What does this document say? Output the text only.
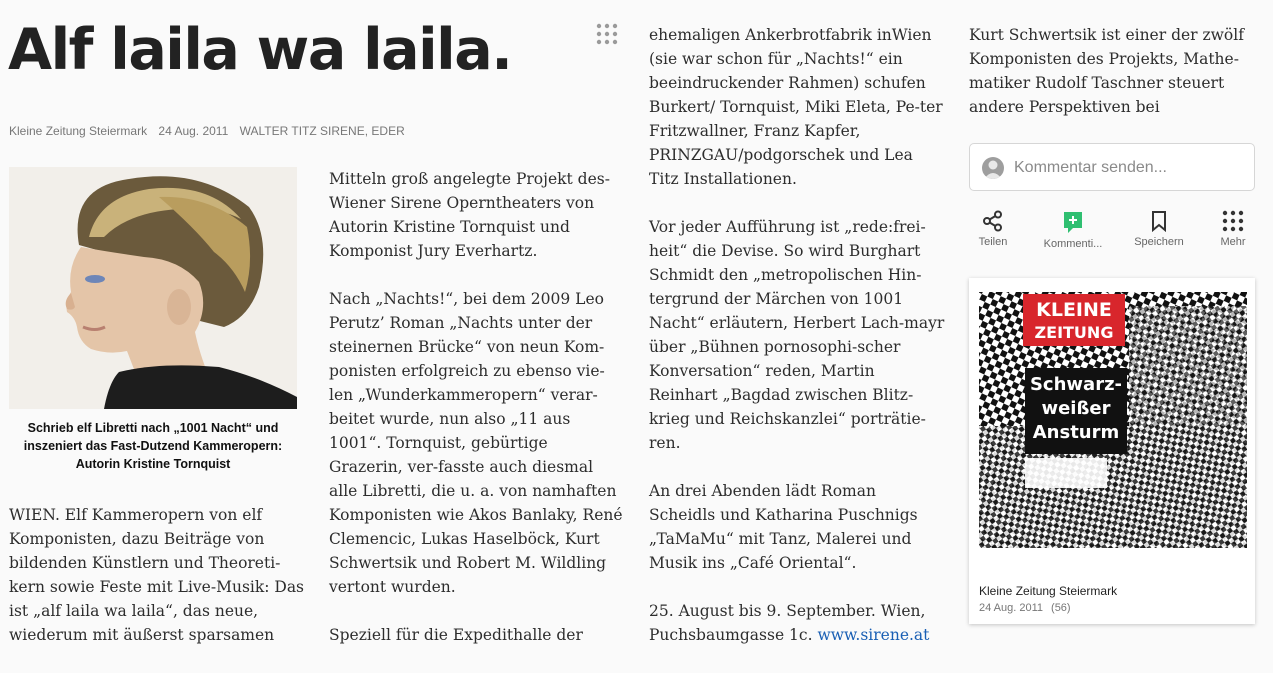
Alf laila wa laila.
Kleine Zeitung Steiermark 24 Aug. 2011 WALTER TITZ SIRENE, EDER
Schrieb elf Libretti nach „1001 Nacht“ und inszeniert das Fast-Dutzend Kammeropern: Autorin Kristine Tornquist

WIEN. Elf Kammeropern von elf Komponisten, dazu Beiträge von bildenden Künstlern und Theoreti-kern sowie Feste mit Live-Musik: Das ist „alf laila wa laila“, das neue, wiederum mit äußerst sparsamen

Mitteln groß angelegte Projekt des-Wiener Sirene Operntheaters von Autorin Kristine Tornquist und Komponist Jury Everhartz.

Nach „Nachts!“, bei dem 2009 Leo Perutz’ Roman „Nachts unter der steinernen Brücke“ von neun Kom-ponisten erfolgreich zu ebenso vie-len „Wunderkammeropern“ verar-beitet wurde, nun also „11 aus 1001“. Tornquist, gebürtige Grazerin, ver-fasste auch diesmal alle Libretti, die u. a. von namhaften Komponisten wie Akos Banlaky, René Clemencic, Lukas Haselböck, Kurt Schwertsik und Robert M. Wildling vertont wurden.

Speziell für die Expedithalle der

ehemaligen Ankerbrotfabrik inWien (sie war schon für „Nachts!“ ein beeindruckender Rahmen) schufen Burkert/ Tornquist, Miki Eleta, Pe-ter Fritzwallner, Franz Kapfer, PRINZGAU/podgorschek und Lea Titz Installationen.

Vor jeder Aufführung ist „rede:frei-heit“ die Devise. So wird Burghart Schmidt den „metropolischen Hin-tergrund der Märchen von 1001 Nacht“ erläutern, Herbert Lach-mayr über „Bühnen pornosophi-scher Konversation“ reden, Martin Reinhart „Bagdad zwischen Blitz-krieg und Reichskanzlei“ porträtie-ren.

An drei Abenden lädt Roman Scheidls und Katharina Puschnigs „TaMaMu“ mit Tanz, Malerei und Musik ins „Café Oriental“.

25. August bis 9. September. Wien, Puchsbaumgasse 1c. www.sirene.at

Kurt Schwertsik ist einer der zwölf Komponisten des Projekts, Mathe-matiker Rudolf Taschner steuert andere Perspektiven bei

Kommentar senden...
Teilen	Kommenti...	Speichern	Mehr
KLEINE
ZEITUNG
Schwarz-
weißer
Ansturm
Kleine Zeitung Steiermark
24 Aug. 2011 (56)
